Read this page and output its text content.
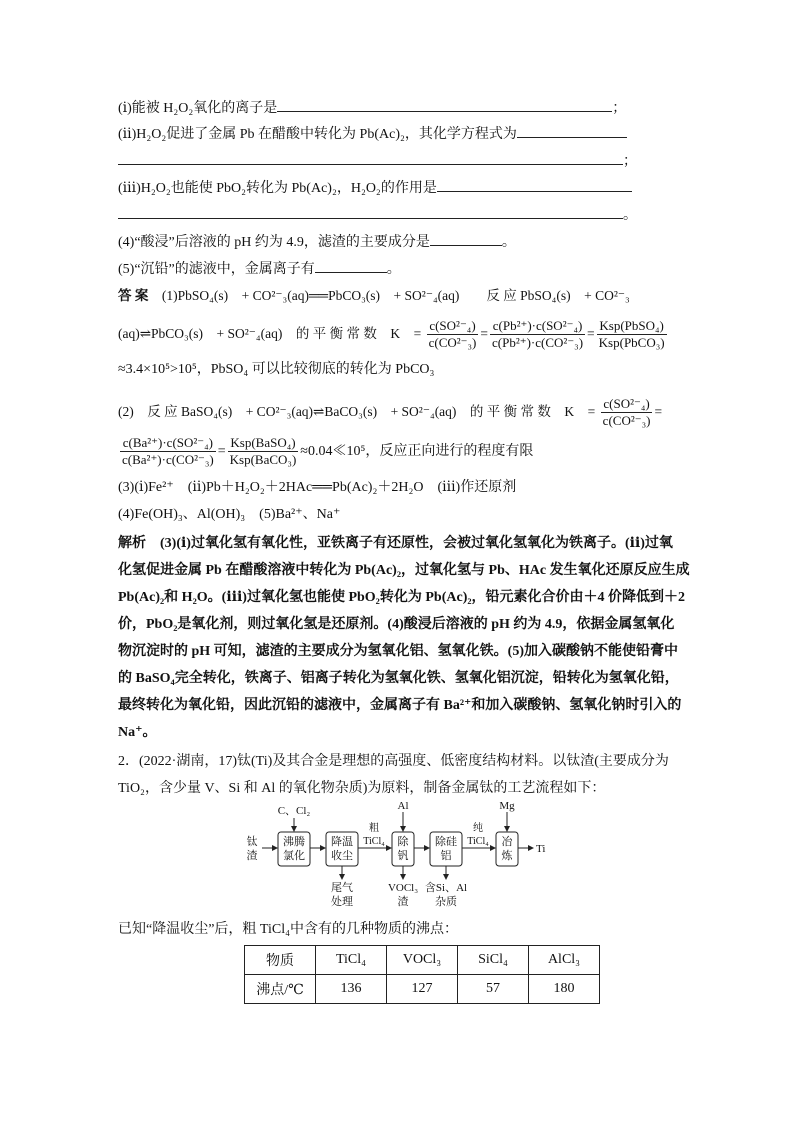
(ⅰ)能被 H₂O₂氧化的离子是	；
(ⅱ)H₂O₂促进了金属 Pb 在醋酸中转化为 Pb(Ac)₂，其化学方程式为
；
(ⅲ)H₂O₂也能使 PbO₂转化为 Pb(Ac)₂，H₂O₂的作用是
。
(4)“酸浸”后溶液的 pH 约为 4.9，滤渣的主要成分是	。
(5)“沉铅”的滤液中，金属离子有	。
答 案　 (1)PbSO₄(s)　+ CO²⁻₃(aq)══PbCO₃(s)　+ SO²⁻₄(aq)　　反 应 PbSO₄(s)　+ CO²⁻₃
(aq)⇌PbCO₃(s)　+ SO²⁻₄(aq)　的 平 衡 常 数　K　= $\frac{\text{c(SO²⁻₄)}}{\text{c(CO²⁻₃)}} = \frac{\text{c(Pb²⁺)·c(SO²⁻₄)}}{\text{c(Pb²⁺)·c(CO²⁻₃)}} = \frac{\text{Ksp(PbSO₄)}}{\text{Ksp(PbCO₃)}}$
≈3.4×10⁵>10⁵，PbSO₄ 可以比较彻底的转化为 PbCO₃
(2)　反 应 BaSO₄(s)　+ CO²⁻₃(aq)⇌BaCO₃(s)　+ SO²⁻₄(aq)　的 平 衡 常 数　K　= $\frac{\text{c(SO²⁻₄)}}{\text{c(CO²⁻₃)}}$ =
$\frac{\text{c(Ba²⁺)·c(SO²⁻₄)}}{\text{c(Ba²⁺)·c(CO²⁻₃)}} = \frac{\text{Ksp(BaSO₄)}}{\text{Ksp(BaCO₃)}}$ ≈0.04≪10⁵，反应正向进行的程度有限
(3)(ⅰ)Fe²⁺　(ⅱ)Pb＋H₂O₂＋2HAc══Pb(Ac)₂＋2H₂O　(ⅲ)作还原剂
(4)Fe(OH)₃、Al(OH)₃　(5)Ba²⁺、Na⁺
解析　(3)(ⅰ)过氧化氢有氧化性，亚铁离子有还原性，会被过氧化氢氧化为铁离子。(ⅱ)过氧
化氢促进金属 Pb 在醋酸溶液中转化为 Pb(Ac)₂，过氧化氢与 Pb、HAc 发生氧化还原反应生成
Pb(Ac)₂和 H₂O。(ⅲ)过氧化氢也能使 PbO₂转化为 Pb(Ac)₂，铅元素化合价由＋4 价降低到＋2
价，PbO₂是氧化剂，则过氧化氢是还原剂。(4)酸浸后溶液的 pH 约为 4.9，依据金属氢氧化
物沉淀时的 pH 可知，滤渣的主要成分为氢氧化铝、氢氧化铁。(5)加入碳酸钠不能使铅膏中
的 BaSO₄完全转化，铁离子、铝离子转化为氢氧化铁、氢氧化铝沉淀，铅转化为氢氧化铅，
最终转化为氧化铅，因此沉铅的滤液中，金属离子有 Ba²⁺和加入碳酸钠、氢氧化钠时引入的
Na⁺。
2．(2022·湖南，17)钛(Ti)及其合金是理想的高强度、低密度结构材料。以钛渣(主要成分为
TiO₂，含少量 V、Si 和 Al 的氧化物杂质)为原料，制备金属钛的工艺流程如下：
钛
渣
C、Cl₂
沸腾
氯化
降温
收尘
粗
TiCl₄
Al
除
钒
除硅
铝
纯
TiCl₄
Mg
冶
炼
Ti
尾气
处理
VOCl₃
渣
含Si、Al
杂质
已知“降温收尘”后，粗 TiCl₄中含有的几种物质的沸点：
物质	TiCl₄	VOCl₃	SiCl₄	AlCl₃
沸点/℃	136	127	57	180
